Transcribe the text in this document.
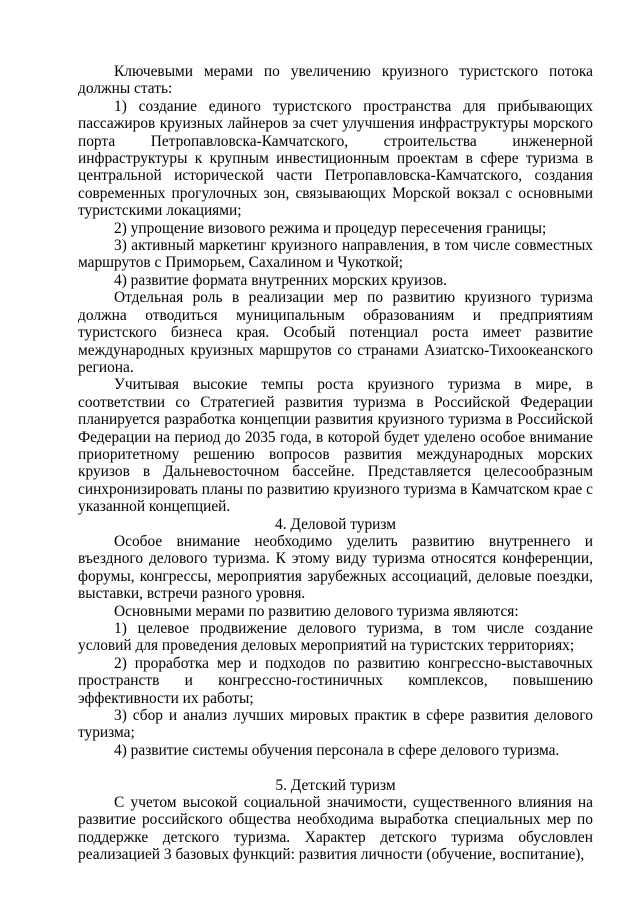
Ключевыми мерами по увеличению круизного туристского потока должны стать:

1) создание единого туристского пространства для прибывающих пассажиров круизных лайнеров за счет улучшения инфраструктуры морского порта Петропавловска-Камчатского, строительства инженерной инфраструктуры к крупным инвестиционным проектам в сфере туризма в центральной исторической части Петропавловска-Камчатского, создания современных прогулочных зон, связывающих Морской вокзал с основными туристскими локациями;

2) упрощение визового режима и процедур пересечения границы;

3) активный маркетинг круизного направления, в том числе совместных маршрутов с Приморьем, Сахалином и Чукоткой;

4) развитие формата внутренних морских круизов.

Отдельная роль в реализации мер по развитию круизного туризма должна отводиться муниципальным образованиям и предприятиям туристского бизнеса края. Особый потенциал роста имеет развитие международных круизных маршрутов со странами Азиатско-Тихоокеанского региона.

Учитывая высокие темпы роста круизного туризма в мире, в соответствии со Стратегией развития туризма в Российской Федерации планируется разработка концепции развития круизного туризма в Российской Федерации на период до 2035 года, в которой будет уделено особое внимание приоритетному решению вопросов развития международных морских круизов в Дальневосточном бассейне. Представляется целесообразным синхронизировать планы по развитию круизного туризма в Камчатском крае с указанной концепцией.

4. Деловой туризм

Особое внимание необходимо уделить развитию внутреннего и въездного делового туризма. К этому виду туризма относятся конференции, форумы, конгрессы, мероприятия зарубежных ассоциаций, деловые поездки, выставки, встречи разного уровня.

Основными мерами по развитию делового туризма являются:

1) целевое продвижение делового туризма, в том числе создание условий для проведения деловых мероприятий на туристских территориях;

2) проработка мер и подходов по развитию конгрессно-выставочных пространств и конгрессно-гостиничных комплексов, повышению эффективности их работы;

3) сбор и анализ лучших мировых практик в сфере развития делового туризма;

4) развитие системы обучения персонала в сфере делового туризма.

5. Детский туризм

С учетом высокой социальной значимости, существенного влияния на развитие российского общества необходима выработка специальных мер по поддержке детского туризма. Характер детского туризма обусловлен реализацией 3 базовых функций: развития личности (обучение, воспитание),
